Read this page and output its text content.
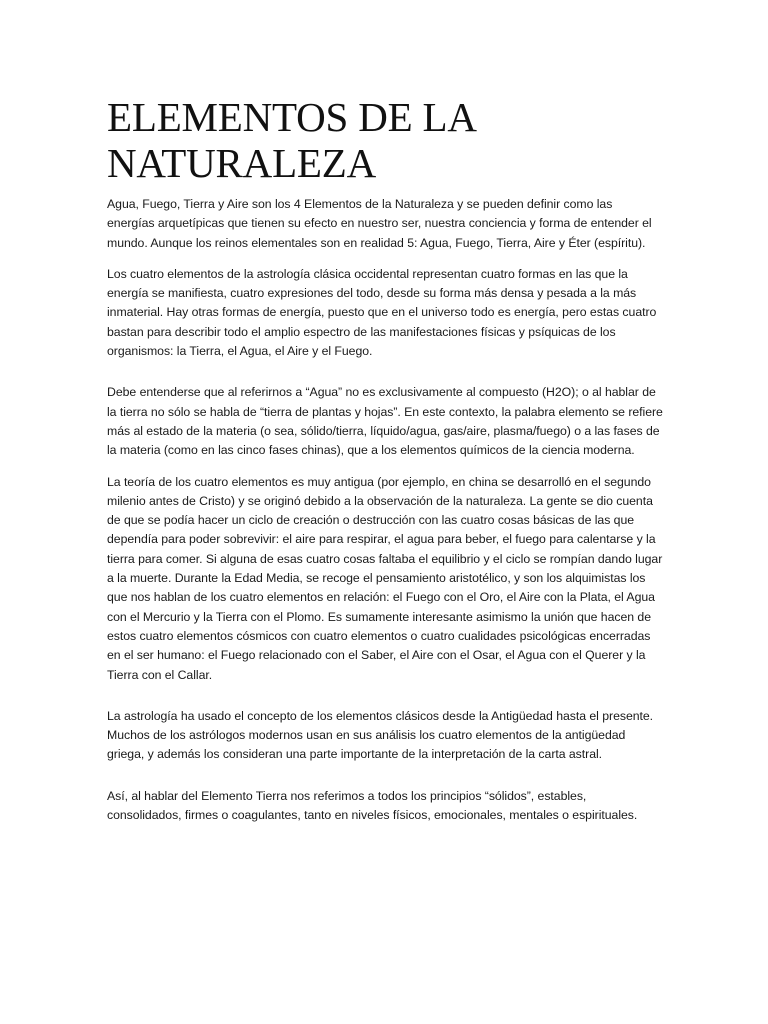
ELEMENTOS DE LA NATURALEZA

Agua, Fuego, Tierra y Aire son los 4 Elementos de la Naturaleza y se pueden definir como las energías arquetípicas que tienen su efecto en nuestro ser, nuestra conciencia y forma de entender el mundo. Aunque los reinos elementales son en realidad 5: Agua, Fuego, Tierra, Aire y Éter (espíritu).

Los cuatro elementos de la astrología clásica occidental representan cuatro formas en las que la energía se manifiesta, cuatro expresiones del todo, desde su forma más densa y pesada a la más inmaterial. Hay otras formas de energía, puesto que en el universo todo es energía, pero estas cuatro bastan para describir todo el amplio espectro de las manifestaciones físicas y psíquicas de los organismos: la Tierra, el Agua, el Aire y el Fuego.

Debe entenderse que al referirnos a “Agua” no es exclusivamente al compuesto (H2O); o al hablar de la tierra no sólo se habla de “tierra de plantas y hojas”. En este contexto, la palabra elemento se refiere más al estado de la materia (o sea, sólido/tierra, líquido/agua, gas/aire, plasma/fuego) o a las fases de la materia (como en las cinco fases chinas), que a los elementos químicos de la ciencia moderna.

La teoría de los cuatro elementos es muy antigua (por ejemplo, en china se desarrolló en el segundo milenio antes de Cristo) y se originó debido a la observación de la naturaleza. La gente se dio cuenta de que se podía hacer un ciclo de creación o destrucción con las cuatro cosas básicas de las que dependía para poder sobrevivir: el aire para respirar, el agua para beber, el fuego para calentarse y la tierra para comer. Si alguna de esas cuatro cosas faltaba el equilibrio y el ciclo se rompían dando lugar a la muerte. Durante la Edad Media, se recoge el pensamiento aristotélico, y son los alquimistas los que nos hablan de los cuatro elementos en relación: el Fuego con el Oro, el Aire con la Plata, el Agua con el Mercurio y la Tierra con el Plomo. Es sumamente interesante asimismo la unión que hacen de estos cuatro elementos cósmicos con cuatro elementos o cuatro cualidades psicológicas encerradas en el ser humano: el Fuego relacionado con el Saber, el Aire con el Osar, el Agua con el Querer y la Tierra con el Callar.

La astrología ha usado el concepto de los elementos clásicos desde la Antigüedad hasta el presente. Muchos de los astrólogos modernos usan en sus análisis los cuatro elementos de la antigüedad griega, y además los consideran una parte importante de la interpretación de la carta astral.

Así, al hablar del Elemento Tierra nos referimos a todos los principios “sólidos”, estables, consolidados, firmes o coagulantes, tanto en niveles físicos, emocionales, mentales o espirituales.
